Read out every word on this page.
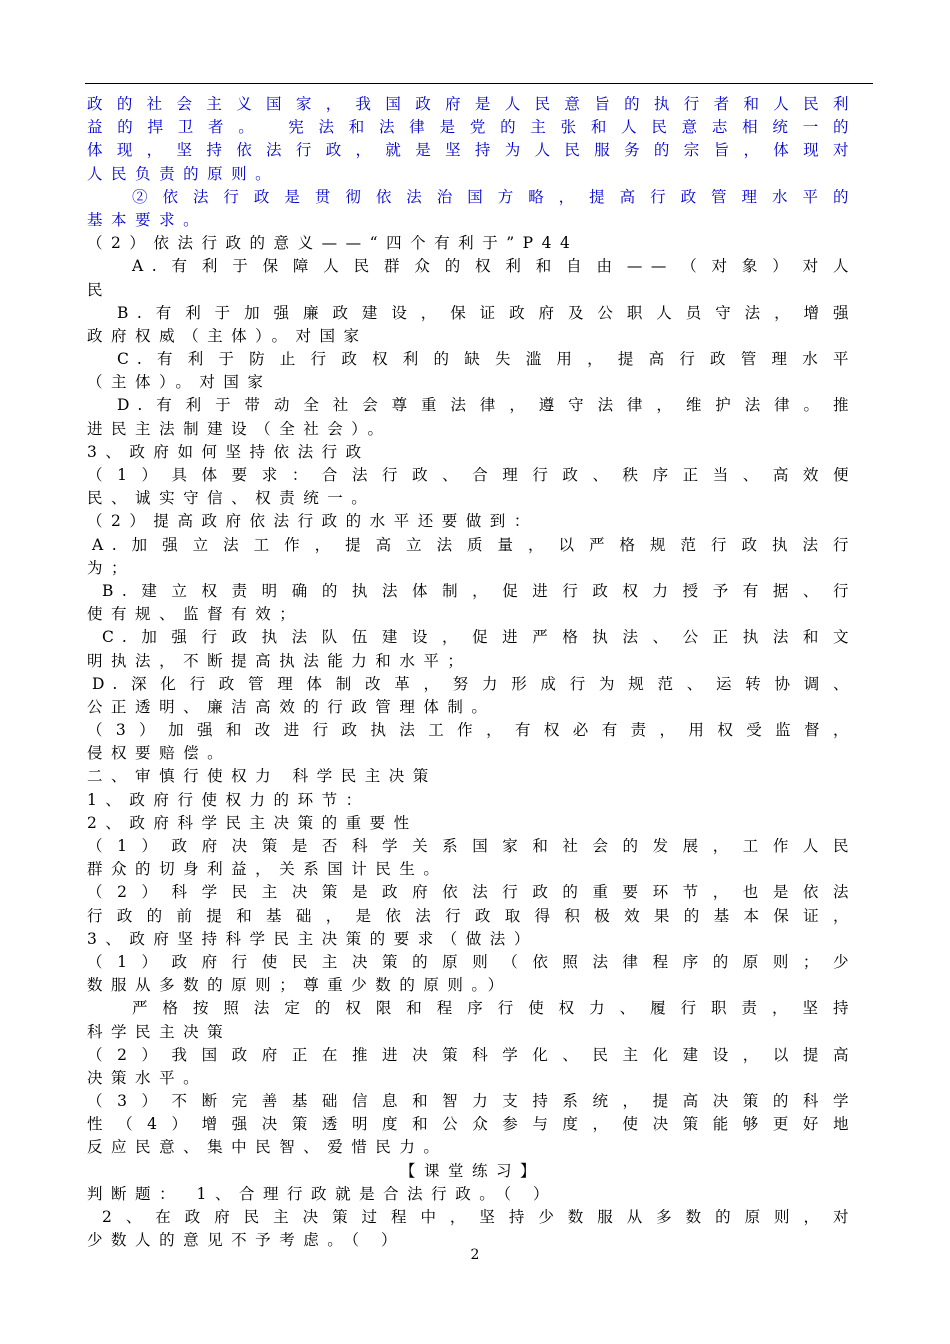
政的社会主义国家，我国政府是人民意旨的执行者和人民利
益的捍卫者。 宪法和法律是党的主张和人民意志相统一的
体现，坚持依法行政，就是坚持为人民服务的宗旨，体现对
人民负责的原则。
②依法行政是贯彻依法治国方略，提高行政管理水平的
基本要求。
（2）依法行政的意义——“四个有利于”P44
A.有利于保障人民群众的权利和自由——（对象）对人
民
B.有利于加强廉政建设，保证政府及公职人员守法，增强
政府权威（主体）。对国家
C.有利于防止行政权利的缺失滥用，提高行政管理水平
（主体）。对国家
D.有利于带动全社会尊重法律，遵守法律，维护法律。推
进民主法制建设（全社会）。
3、政府如何坚持依法行政
（1）具体要求：合法行政、合理行政、秩序正当、高效便
民、诚实守信、权责统一。
（2）提高政府依法行政的水平还要做到：
A.加强立法工作，提高立法质量，以严格规范行政执法行
为；
B.建立权责明确的执法体制，促进行政权力授予有据、行
使有规、监督有效；
C.加强行政执法队伍建设，促进严格执法、公正执法和文
明执法，不断提高执法能力和水平；
D.深化行政管理体制改革，努力形成行为规范、运转协调、
公正透明、廉洁高效的行政管理体制。
（3）加强和改进行政执法工作，有权必有责，用权受监督，
侵权要赔偿。
二、审慎行使权力 科学民主决策
1、政府行使权力的环节：
2、政府科学民主决策的重要性
（1）政府决策是否科学关系国家和社会的发展，工作人民
群众的切身利益，关系国计民生。
（2）科学民主决策是政府依法行政的重要环节，也是依法
行政的前提和基础，是依法行政取得积极效果的基本保证，
3、政府坚持科学民主决策的要求（做法）
（1）政府行使民主决策的原则（依照法律程序的原则；少
数服从多数的原则；尊重少数的原则。）
严格按照法定的权限和程序行使权力、履行职责，坚持
科学民主决策
（2）我国政府正在推进决策科学化、民主化建设，以提高
决策水平。
（3）不断完善基础信息和智力支持系统，提高决策的科学
性（4）增强决策透明度和公众参与度，使决策能够更好地
反应民意、集中民智、爱惜民力。
【课堂练习】
判断题： 1、合理行政就是合法行政。（ ）
2、在政府民主决策过程中，坚持少数服从多数的原则，对
少数人的意见不予考虑。（ ）
2
